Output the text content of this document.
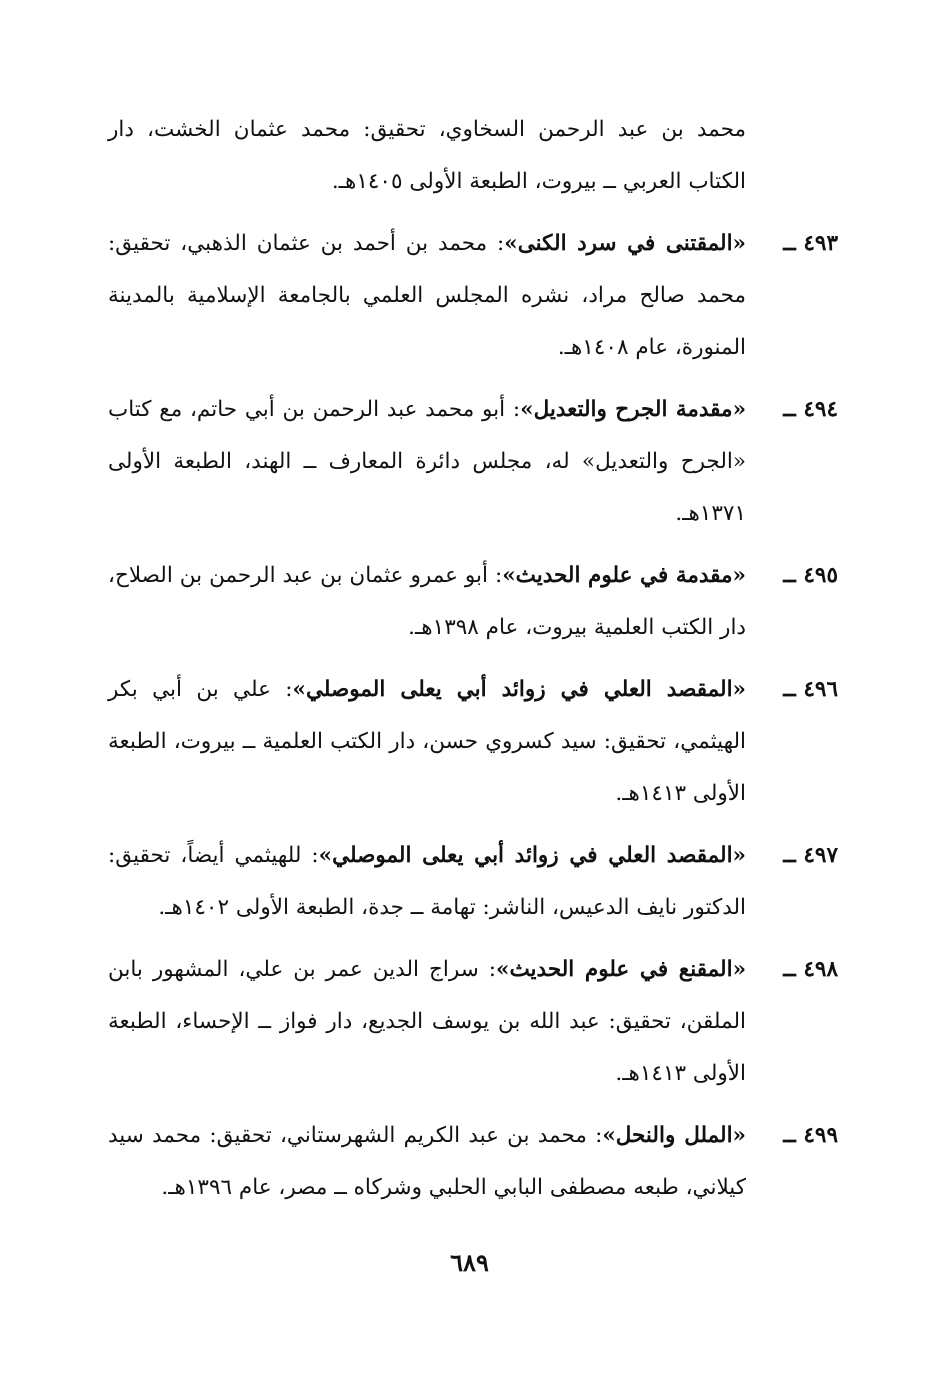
محمد بن عبد الرحمن السخاوي، تحقيق: محمد عثمان الخشت، دار الكتاب العربي ــ بيروت، الطبعة الأولى ١٤٠٥هـ.
٤٩٣ ــ
«المقتنى في سرد الكنى»: محمد بن أحمد بن عثمان الذهبي، تحقيق: محمد صالح مراد، نشره المجلس العلمي بالجامعة الإسلامية بالمدينة المنورة، عام ١٤٠٨هـ.
٤٩٤ ــ
«مقدمة الجرح والتعديل»: أبو محمد عبد الرحمن بن أبي حاتم، مع كتاب «الجرح والتعديل» له، مجلس دائرة المعارف ــ الهند، الطبعة الأولى ١٣٧١هـ.
٤٩٥ ــ
«مقدمة في علوم الحديث»: أبو عمرو عثمان بن عبد الرحمن بن الصلاح، دار الكتب العلمية بيروت، عام ١٣٩٨هـ.
٤٩٦ ــ
«المقصد العلي في زوائد أبي يعلى الموصلي»: علي بن أبي بكر الهيثمي، تحقيق: سيد كسروي حسن، دار الكتب العلمية ــ بيروت، الطبعة الأولى ١٤١٣هـ.
٤٩٧ ــ
«المقصد العلي في زوائد أبي يعلى الموصلي»: للهيثمي أيضاً، تحقيق: الدكتور نايف الدعيس، الناشر: تهامة ــ جدة، الطبعة الأولى ١٤٠٢هـ.
٤٩٨ ــ
«المقنع في علوم الحديث»: سراج الدين عمر بن علي، المشهور بابن الملقن، تحقيق: عبد الله بن يوسف الجديع، دار فواز ــ الإحساء، الطبعة الأولى ١٤١٣هـ.
٤٩٩ ــ
«الملل والنحل»: محمد بن عبد الكريم الشهرستاني، تحقيق: محمد سيد كيلاني، طبعه مصطفى البابي الحلبي وشركاه ــ مصر، عام ١٣٩٦هـ.
٦٨٩
